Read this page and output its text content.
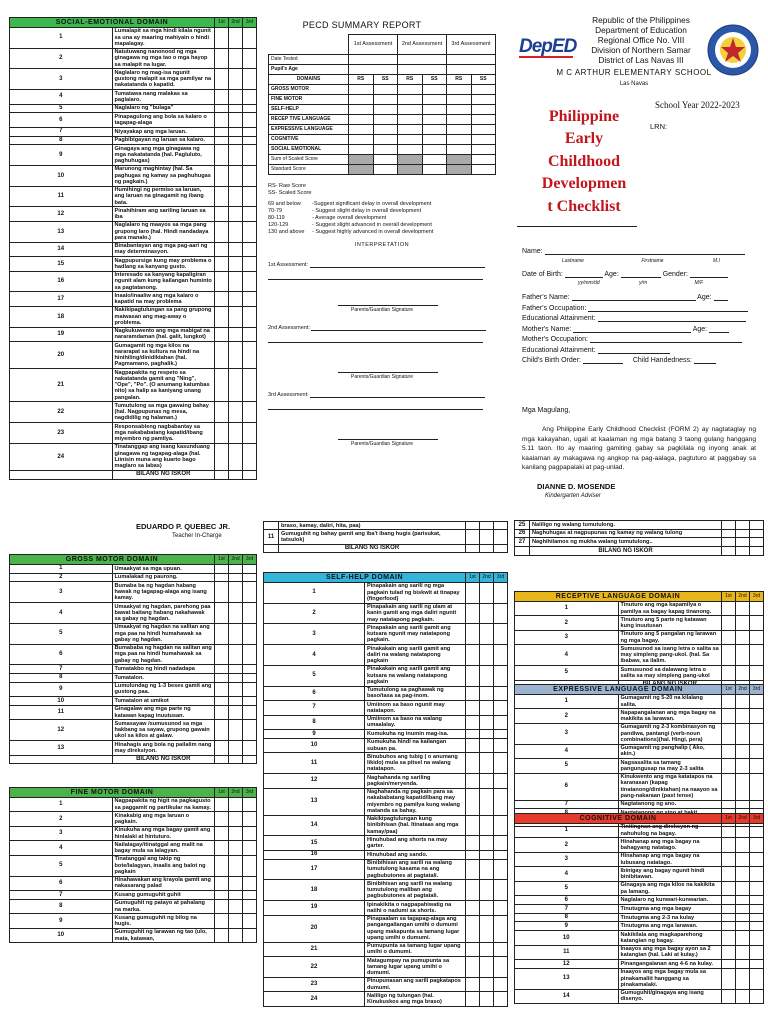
SOCIAL-EMOTIONAL DOMAIN		1st	2nd	3rd
1	Lumalapit sa mga hindi kilala ngunit sa una ay maaring mahiyain o hindi mapalagay.			
2	Natutuwang nanonood ng mga ginagawa ng mga tao o mga hayop sa malapit na lugar.			
3	Naglalaro ng mag-isa ngunit gustong malapit sa mga pamilyar na nakatatanda o kapatid.			
4	Tumatawa nang malakas sa paglalaro.			
5	Naglalaro ng "bulaga"			
6	Pinapagulong ang bola sa kalaro o tagapag-alaga			
7	Niyayakap ang mga laruan.			
8	Pagbibigayan ng laruan sa kalaro.			
9	Ginagaya ang mga ginagawa ng mga nakatatanda (hal. Pagluluto, paghuhugas)			
10	Marunong maghintay (hal. Sa paghugas ng kamay sa paghuhugas ng pagkain.)			
11	Humihingi ng permiso sa laruan, ang laruan na ginagamit ng ibang bata.			
12	Pinahihiram ang sariling laruan sa iba			
13	Naglalaro ng maayos sa mga pang grupong laro (hal. Hindi nandadaya para manalo.)			
14	Binabantayan ang mga pag-aari ng may determinasyon.			
15	Nagpupursige kung may problema o hadlang sa kanyang gusto.			
16	Interesado sa kanyang kapaligiran ngunit alam kung kailangan huminto sa pagtatanong.			
17	Inaalo/inaaliw ang mga kalaro o kapatid na may problema			
18	Nakikipagtulungan sa pang grupong maiwasan ang mag-away o problema.			
19	Nagkukuwento ang mga mabigat na nararamdaman (hal. galit, lungkot)			
20	Gumagamit ng mga kilos na nararapat sa kultura na hindi na hinihiling/dinidiktahan (hal. Pagmamano, paghalik.)			
21	Nagpapakita ng respeto sa nakatatanda gamit ang "Ning", "Ope", "Po". (O anumang katumbas nito) sa halip sa kaniyang unang pangalan.			
22	Tumutulong sa mga gawaing bahay (hal. Nagpupunas ng mesa, nagdidilig ng halaman.)			
23	Responsableng nagbabantay sa mga nakababatang kapatid/ibang miyembro ng pamilya.			
24	Tinatanggap ang isang kasunduang ginagawa ng tagapag-alaga (hal. Liinisin muna ang kuarto bago maglaro sa labas)			
	BILANG NG ISKOR			
PECD SUMMARY REPORT
	1st Assessment		2nd Assessment		3rd Assessment	
Date Tested						
Pupil's Age						
DOMAINS	RS	SS	RS	SS	RS	SS
GROSS MOTOR						
FINE MOTOR						
SELF-HELP						
RECEP TIVE LANGUAGE						
EXPRESSIVE LANGUAGE						
COGNITIVE						
SOCIAL EMOTIONAL						
Sum of Scaled Score						
Standard Score						
RS- Raw Score
SS- Scaled Score
69 and below	-Suggest significant delay in overall development
70-79	- Suggest slight delay in overall development
80-119	- Average overall development
120-129	- Suggest slight advanced in overall development
130 and above	- Suggest highly advanced in overall development
INTERPRETATION
1st Assessment:
Parents/Guardian Signature
2nd Assessment:
Parents/Guardian Signature
3rd Assessment:
Parents/Guardian Signature
DepED
Republic of the Philippines
Department of Education
Regional Office No. VIII
Division of Northern Samar
District of Las Navas III
M C ARTHUR ELEMENTARY SCHOOL
Las Navas
School Year 2022-2023
LRN:
Philippine
Early
Childhood
Developmen
t Checklist
Name:
Lastname	Firstname	M.I
Date of Birth:	Age:	Gender:
yy/mm/dd	y/m	M/F
Father's Name:	Age:
Father's Occupation:
Educational Attainment:
Mother's Name:	Age:
Mother's Occupation:
Educational Attainment:
Child's Birth Order:	Child Handedness:
Mga Magulang,
Ang Philippine Early Childhood Checklist (FORM 2) ay nagtataglay ng mga kakayahan, ugali at kaalaman ng mga batang 3 taong gulang hanggang 5.11 taon. Ito ay maaring gamiting gabay sa pagkilala ng inyong anak at kaalaman ay makagawa ng angkop na pag-aalaga, pagtuturo at paggabay sa kanilang pagpapalaki at pag-unlad.
DIANNE D. MOSENDE
Kindergarten Adviser
EDUARDO P. QUEBEC JR.
Teacher In-Charge
GROSS MOTOR DOMAIN		1st	2nd	3rd
1	Umaakyat sa mga upuan.			
2	Lumalakad ng paurong.			
3	Bumaba ba ng hagdan habang hawak ng tagapag-alaga ang isang kamay.			
4	Umaakyat ng hagdan, parehong paa bawat baitang habang nakahawak sa gabay ng hagdan.			
5	Umaakyat ng hagdan na salitan ang mga paa na hindi humahawak sa gabay ng hagdan.			
6	Bumababa ng hagdan na salitan ang mga paa na hindi humahawak sa gabay ng hagdan.			
7	Tumatakbo ng hindi nadadapa			
8	Tumatalon.			
9	Lumulundag ng 1-3 beses gamit ang gustong paa.			
10	Tumatalon at umikot			
11	Ginagalaw ang mga parte ng katawan kapag inuutusan.			
12	Sumasayaw /sumusunod sa mga hakbang sa sayaw, grupong gawain ukol sa kilos at galaw.			
13	Hinahagis ang bola ng pailalim nang may direksiyon.			
	BILANG NG ISKOR			
FINE MOTOR DOMAIN		1st	2nd	3rd
1	Nagpapakita ng higit na pagkagusto sa paggamit ng partikular na kamay.			
2	Kinakabig ang mga laruan o pagkain.			
3	Kinukuha ang mga bagay gamit ang hinlalaki at hintuturo.			
4	Nailalagay/itinatggal ang malit na bagay mula sa lalagyan.			
5	Tinatanggal ang takip ng bote/lalagyan, inaalis ang balot ng pagkain			
6	Hinahawakan ang krayola gamit ang nakasarang palad			
7	Kusang gumuguhit guhit			
8	Gumuguhit ng patayo at pahalang na marka.			
9	Kusang gumuguhit ng bilog na hugis.			
10	Gumuguhit ng larawan ng tao (ulo, mata, katawan,			
	braso, kamay, daliri, hita, paa)			
11	Gumuguhit ng bahay gamit ang iba't ibang hugis (parisukat, tatsulok)			
	BILANG NG ISKOR			
SELF-HELP DOMAIN		1st	2nd	3rd
1	Pinapakain ang sarili ng mga pagkain tulad ng biskwit at tinapay (fingerfood)			
2	Pinapakain ang sarili ng ulam at kanin gamit ang mga daliri ngunit may natatapong pagkain.			
3	Pinapakain ang sarili gamit ang kutsara ngunit may natatapong pagkain.			
4	Pinakakain ang sarili gamit ang daliri na walang natatapong pagkain			
5	Pinakakain ang sarili gamit ang kutsara na walang natatapong pagkain			
6	Tumutulong sa paghawak ng baso/tasa sa pag-inom.			
7	Umiinom sa baso ngunit may natatapon.			
8	Umiinom sa baso na walang umaalalay.			
9	Kumukuha ng inumin mag-isa.			
10	Kumukuha hindi na kailangan subuan pa.			
11	Binubuhos ang tubig ( o anumang likido) mula sa pitsel na walang natatapon.			
12	Naghahanda ng sariling pagkain/meryenda.			
13	Naghahanda ng pagkain para sa nakababatang kapatid/ibang may miyembro ng pamilya kung walang matanda sa bahay.			
14	Nakikipagtulungan kung binibihisan (hal. Itinataas ang mga kamay/paa)			
15	Hinuhubad ang shorts na may garter.			
16	Hinuhubad ang sando.			
17	Binibihisan ang sarili na walang tumutulong kasama na ang pagbubutones at pagtatali.			
18	Binibihisan ang sarili na walang tumutulong maliban ang pagbubutones at pagtatali.			
19	Ipinakikita o nagpapahiwatig na naiihi o nadumi sa shorts.			
20	Pinapaalam sa tagapag-alaga ang pangangailangan umihi o dumumi upang makapunta sa tamang lugar upang umihi o dumumi.			
21	Pumupunta sa tamang lugar upang umihi o dumumi.			
22	Matagumpay na pumupunta sa tamang lugar upang umihi o dumumi.			
23	Pinupunasan ang sarili pagkatapos dumumi.			
24	Naliligo ng tulungan (hal. Kinukuskos ang mga braso)			
25	Naliligo ng walang tumutulong.			
26	Naghuhugas at nagpupunas ng kamay ng walang tulong			
27	Naghihilamos ng mukha walang tumutulong..			
	BILANG NG ISKOR			
RECEPTIVE LANGUAGE DOMAIN		1st	2nd	3rd
1	Tinuturo ang mga kapamilya o pamilya sa bagay kapag tinanong.			
2	Tinuturo ang 5 parte ng katawan kung inuutusan			
3	Tinuturo ang 5 pangalan ng larawan ng mga bagay.			
4	Sumusunod sa isang letra o salita sa may simpleng pang-ukol. (hal. Sa ibabaw, sa ilalim.			
5	Sumusunod sa dalawang letra o salita sa may simpleng pang-ukol			
	BILANG NG ISKOR			
EXPRESSIVE LANGUAGE DOMAIN		1st	2nd	3rd
1	Gumagamit ng 5-20 na kilalang salita.			
2	Napapangalanan ang mga bagay na makikita sa larawan.			
3	Gumagamit ng 2-3 kombinasyon ng pandiwa, pantangi (verb-noun combinations)(hal. Hingi, pera)			
4	Gumagamit ng panghalip ( Ako, akin.)			
5	Nagsasalita sa tamang pangungusap na may 2-3 salita			
6	Kinukwento ang mga katatapos na karanasan (kapag tinatanong/diniktahan) na naayon sa pang-nakaraan (past tense)			
7	Nagtatanong ng ano.			
8	Nagtatanong ng sino at bakit.			
	BILANG NG ISKOR			
COGNITIVE DOMAIN		1st	2nd	3rd
1	Tinitingnan ang direksyon ng nahuhulog na bagay.			
2	Hinahanap ang mga bagay na bahagyang natatago.			
3	Hinahanap ang mga bagay na lubusang natatago.			
4	Ibinigay ang bagay ngunit hindi binibitawan.			
5	Ginagaya ang mga kilos na kakikita pa lamang.			
6	Naglalaro ng kunwari-kunwarian.			
7	Tinutugma ang mga bagay			
8	Tinutugma ang 2-3 na kulay			
9	Tinutugma ang mga larawan.			
10	Nakikilala ang magkaparehong katangian ng bagay.			
11	Inaayos ang mga bagay ayon sa 2 katangian (hal. Laki at kulay.)			
12	Pinangangalanan ang 4-6 na kulay.			
13	Inaayos ang mga bagay mula sa pinakamaliit hanggang sa pinakamalaki.			
14	Gumuguhit/ginagaya ang isang disenyo.			
